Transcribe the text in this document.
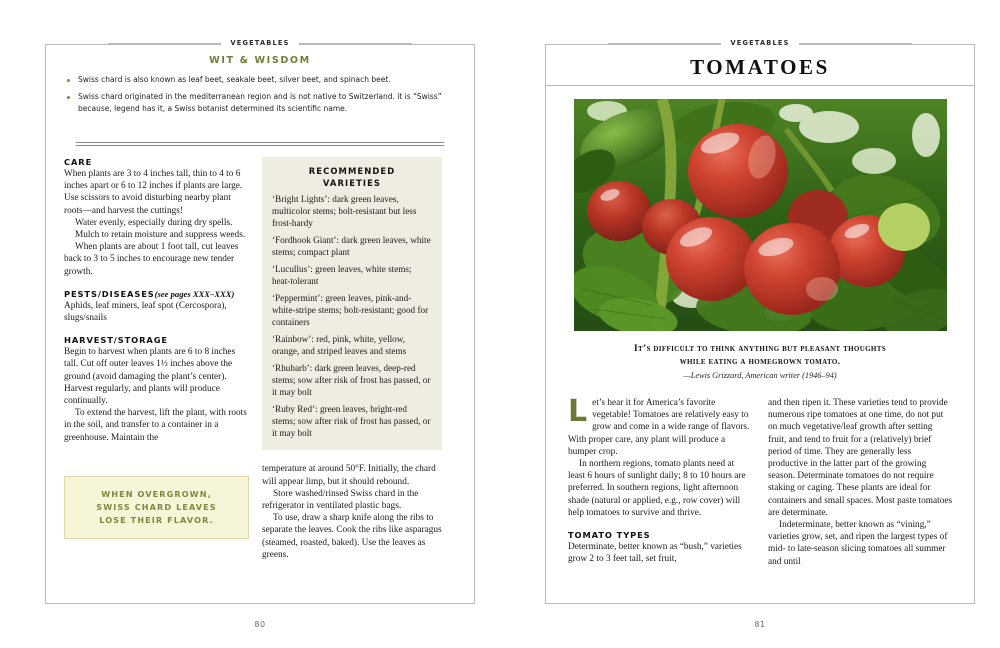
VEGETABLES
WIT & WISDOM
Swiss chard is also known as leaf beet, seakale beet, silver beet, and spinach beet.
Swiss chard originated in the mediterranean region and is not native to Switzerland. it is “Swiss” because, legend has it, a Swiss botanist determined its scientific name.
CARE

When plants are 3 to 4 inches tall, thin to 4 to 6 inches apart or 6 to 12 inches if plants are large. Use scissors to avoid disturbing nearby plant roots—and harvest the cuttings!

Water evenly, especially during dry spells.

Mulch to retain moisture and suppress weeds.

When plants are about 1 foot tall, cut leaves back to 3 to 5 inches to encourage new tender growth.

PESTS/DISEASES(see pages XXX–XXX)

Aphids, leaf miners, leaf spot (Cercospora), slugs/snails

HARVEST/STORAGE

Begin to harvest when plants are 6 to 8 inches tall. Cut off outer leaves 1½ inches above the ground (avoid damaging the plant’s center). Harvest regularly, and plants will produce continually.

To extend the harvest, lift the plant, with roots in the soil, and transfer to a container in a greenhouse. Maintain the

RECOMMENDED
VARIETIES
‘Bright Lights’: dark green leaves, multicolor stems; bolt-resistant but less frost-hardy
‘Fordhook Giant’: dark green leaves, white stems; compact plant
‘Lucullus’: green leaves, white stems; heat-tolerant
‘Peppermint’: green leaves, pink-and-white-stripe stems; bolt-resistant; good for containers
‘Rainbow’: red, pink, white, yellow, orange, and striped leaves and stems
‘Rhubarb’: dark green leaves, deep-red stems; sow after risk of frost has passed, or it may bolt
‘Ruby Red’: green leaves, bright-red stems; sow after risk of frost has passed, or it may bolt

temperature at around 50°F. Initially, the chard will appear limp, but it should rebound.

Store washed/rinsed Swiss chard in the refrigerator in ventilated plastic bags.

To use, draw a sharp knife along the ribs to separate the leaves. Cook the ribs like asparagus (steamed, roasted, baked). Use the leaves as greens.

WHEN OVERGROWN,
SWISS CHARD LEAVES
LOSE THEIR FLAVOR.
80
VEGETABLES
TOMATOES
It’s difficult to think anything but pleasant thoughts
while eating a homegrown tomato.
—Lewis Grizzard, American writer (1946–94)

Let’s hear it for America’s favorite vegetable! Tomatoes are relatively easy to grow and come in a wide range of flavors. With proper care, any plant will produce a bumper crop.

In northern regions, tomato plants need at least 6 hours of sunlight daily; 8 to 10 hours are preferred. In southern regions, light afternoon shade (natural or applied, e.g., row cover) will help tomatoes to survive and thrive.

TOMATO TYPES

Determinate, better known as “bush,” varieties grow 2 to 3 feet tall, set fruit,

and then ripen it. These varieties tend to provide numerous ripe tomatoes at one time, do not put on much vegetative/leaf growth after setting fruit, and tend to fruit for a (relatively) brief period of time. They are generally less productive in the latter part of the growing season. Determinate tomatoes do not require staking or caging. These plants are ideal for containers and small spaces. Most paste tomatoes are determinate.

Indeterminate, better known as “vining,” varieties grow, set, and ripen the largest types of mid- to late-season slicing tomatoes all summer and until

81
